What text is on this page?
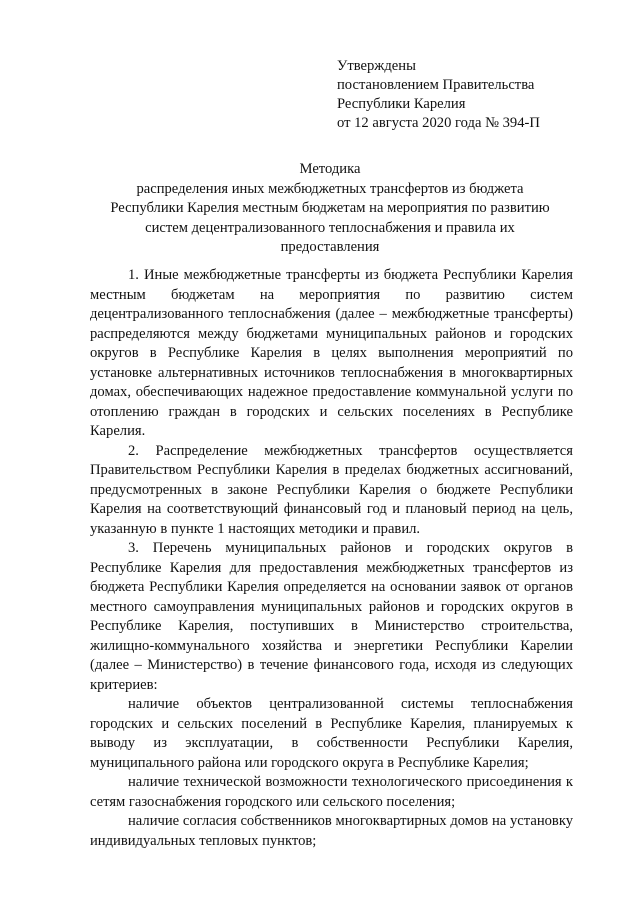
Утверждены
постановлением Правительства
Республики Карелия
от 12 августа 2020 года № 394-П
Методика
распределения иных межбюджетных трансфертов из бюджета
Республики Карелия местным бюджетам на мероприятия по развитию
систем децентрализованного теплоснабжения и правила их
предоставления

1. Иные межбюджетные трансферты из бюджета Республики Карелия местным бюджетам на мероприятия по развитию систем децентрализованного теплоснабжения (далее – межбюджетные трансферты) распределяются между бюджетами муниципальных районов и городских округов в Республике Карелия в целях выполнения мероприятий по установке альтернативных источников теплоснабжения в многоквартирных домах, обеспечивающих надежное предоставление коммунальной услуги по отоплению граждан в городских и сельских поселениях в Республике Карелия.

2. Распределение межбюджетных трансфертов осуществляется Правительством Республики Карелия в пределах бюджетных ассигнований, предусмотренных в законе Республики Карелия о бюджете Республики Карелия на соответствующий финансовый год и плановый период на цель, указанную в пункте 1 настоящих методики и правил.

3. Перечень муниципальных районов и городских округов в Республике Карелия для предоставления межбюджетных трансфертов из бюджета Республики Карелия определяется на основании заявок от органов местного самоуправления муниципальных районов и городских округов в Республике Карелия, поступивших в Министерство строительства, жилищно-коммунального хозяйства и энергетики Республики Карелии (далее – Министерство) в течение финансового года, исходя из следующих критериев:

наличие объектов централизованной системы теплоснабжения городских и сельских поселений в Республике Карелия, планируемых к выводу из эксплуатации, в собственности Республики Карелия, муниципального района или городского округа в Республике Карелия;

наличие технической возможности технологического присоединения к сетям газоснабжения городского или сельского поселения;

наличие согласия собственников многоквартирных домов на установку индивидуальных тепловых пунктов;
